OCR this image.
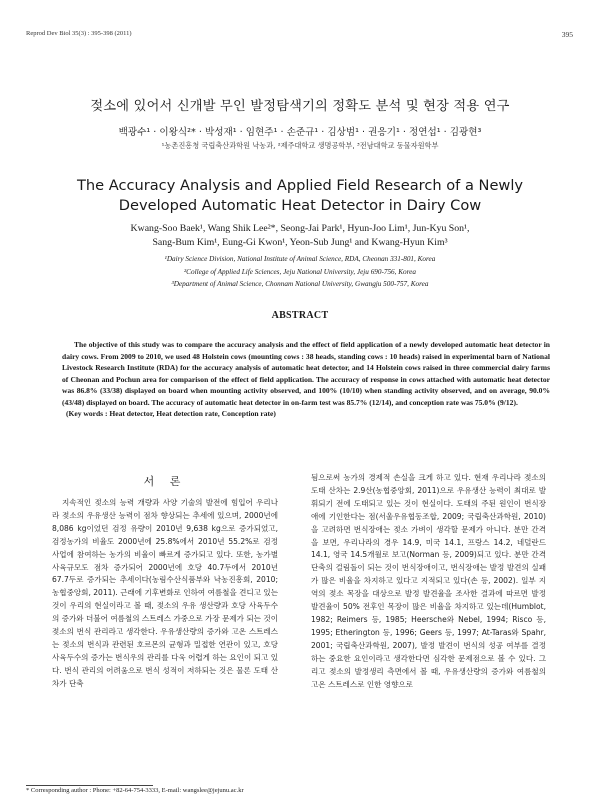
Reprod Dev Biol 35(3) : 395-398 (2011)	395
젖소에 있어서 신개발 무인 발정탐색기의 정확도 분석 및 현장 적용 연구
백광수¹ · 이왕식²* · 박성재¹ · 임현주¹ · 손준규¹ · 김상범¹ · 권응기¹ · 정연섭¹ · 김광현³
¹농촌진흥청 국립축산과학원 낙농과, ²제주대학교 생명공학부, ³전남대학교 동물자원학부
The Accuracy Analysis and Applied Field Research of a Newly
Developed Automatic Heat Detector in Dairy Cow
Kwang-Soo Baek¹, Wang Shik Lee²*, Seong-Jai Park¹, Hyun-Joo Lim¹, Jun-Kyu Son¹,
Sang-Bum Kim¹, Eung-Gi Kwon¹, Yeon-Sub Jung¹ and Kwang-Hyun Kim³
¹Dairy Science Division, National Institute of Animal Science, RDA, Cheonan 331-801, Korea
²College of Applied Life Sciences, Jeju National University, Jeju 690-756, Korea
³Department of Animal Science, Chonnam National University, Gwangju 500-757, Korea
ABSTRACT
The objective of this study was to compare the accuracy analysis and the effect of field application of a newly developed automatic heat detector in dairy cows. From 2009 to 2010, we used 48 Holstein cows (mounting cows : 38 heads, standing cows : 10 heads) raised in experimental barn of National Livestock Research Institute (RDA) for the accuracy analysis of automatic heat detector, and 14 Holstein cows raised in three commercial dairy farms of Cheonan and Pochun area for comparison of the effect of field application. The accuracy of response in cows attached with automatic heat detector was 86.8% (33/38) displayed on board when mounting activity observed, and 100% (10/10) when standing activity observed, and on average, 90.0% (43/48) displayed on board. The accuracy of automatic heat detector in on-farm test was 85.7% (12/14), and conception rate was 75.0% (9/12).
(Key words : Heat detector, Heat detection rate, Conception rate)
서 론

지속적인 젖소의 능력 개량과 사양 기술의 발전에 힘입어 우리나라 젖소의 우유생산 능력이 점차 향상되는 추세에 있으며, 2000년에 8,086 kg이었던 검정 유량이 2010년 9,638 kg으로 증가되었고, 검정농가의 비율도 2000년에 25.8%에서 2010년 55.2%로 검정 사업에 참여하는 농가의 비율이 빠르게 증가되고 있다. 또한, 농가별 사육규모도 점차 증가되어 2000년에 호당 40.7두에서 2010년 67.7두로 증가되는 추세이다(농림수산식품부와 낙농진흥회, 2010; 농협중앙회, 2011). 근래에 기후변화로 인하여 여름철을 견디고 있는 것이 우리의 현실이라고 볼 때, 젖소의 우유 생산량과 호당 사육두수의 증가와 더불어 여름철의 스트레스 가중으로 가장 문제가 되는 것이 젖소의 번식 관리라고 생각한다. 우유생산량의 증가와 고온 스트레스는 젖소의 번식과 관련된 호르몬의 균형과 밀접한 연관이 있고, 호당 사육두수의 증가는 번식우의 관리를 다욱 어렵게 하는 요인이 되고 있다. 번식 관리의 어려움으로 번식 성적이 저하되는 것은 물론 도태 산차가 단축

됨으로써 농가의 경제적 손실을 크게 하고 있다. 현재 우리나라 젖소의 도태 산차는 2.9산(농협중앙회, 2011)으로 우유생산 능력이 최대로 발휘되기 전에 도태되고 있는 것이 현실이다. 도태의 주된 원인이 번식장애에 기인한다는 점(서울우유협동조합, 2009; 국립축산과학원, 2010)을 고려하면 번식장애는 젖소 가벼이 생각할 문제가 아니다. 분만 간격을 보면, 우리나라의 경우 14.9, 미국 14.1, 프랑스 14.2, 네덜란드 14.1, 영국 14.5개월로 보고(Norman 등, 2009)되고 있다. 분만 간격 단축의 걸림돌이 되는 것이 번식장애이고, 번식장애는 발정 발견의 실패가 많은 비율을 차지하고 있다고 지적되고 있다(손 등, 2002). 일부 지역의 젖소 목장을 대상으로 발정 발견율을 조사한 결과에 따르면 발정 발견율이 50% 전후인 목장이 많은 비율을 차지하고 있는데(Humblot, 1982; Reimers 등, 1985; Heersche와 Nebel, 1994; Risco 등, 1995; Etherington 등, 1996; Geers 등, 1997; At-Taras와 Spahr, 2001; 국립축산과학원, 2007), 발정 발견이 번식의 성공 여부를 결정하는 중요한 요인이라고 생각한다면 심각한 문제점으로 볼 수 있다. 그리고 젖소의 발정생리 측면에서 볼 때, 우유생산량의 증가와 여름철의 고온 스트레스로 인한 영향으로

* Corresponding author : Phone: +82-64-754-3333, E-mail: wangslee@jejunu.ac.kr
